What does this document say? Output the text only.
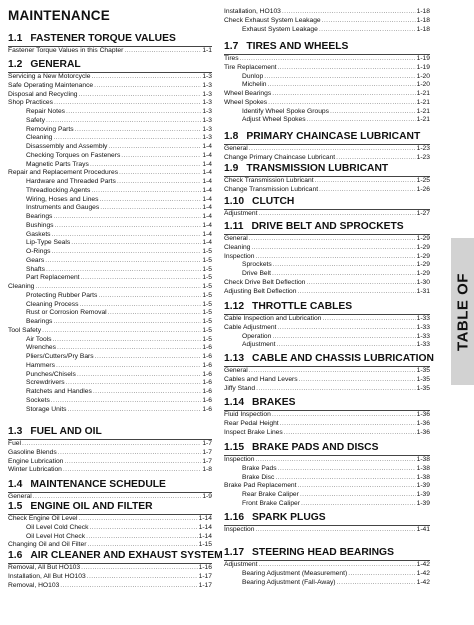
MAINTENANCE
1.1 FASTENER TORQUE VALUES
Fastener Torque Values in this Chapter .....	1-1
1.2 GENERAL
Servicing a New Motorcycle .....	1-3
Safe Operating Maintenance .....	1-3
Disposal and Recycling .....	1-3
Shop Practices .....	1-3
Repair Notes .....	1-3
Safety .....	1-3
Removing Parts .....	1-3
Cleaning .....	1-3
Disassembly and Assembly .....	1-4
Checking Torques on Fasteners .....	1-4
Magnetic Parts Trays .....	1-4
Repair and Replacement Procedures .....	1-4
Hardware and Threaded Parts .....	1-4
Threadlocking Agents .....	1-4
Wiring, Hoses and Lines .....	1-4
Instruments and Gauges .....	1-4
Bearings .....	1-4
Bushings .....	1-4
Gaskets .....	1-4
Lip-Type Seals .....	1-4
O-Rings .....	1-5
Gears .....	1-5
Shafts .....	1-5
Part Replacement .....	1-5
Cleaning .....	1-5
Protecting Rubber Parts .....	1-5
Cleaning Process .....	1-5
Rust or Corrosion Removal .....	1-5
Bearings .....	1-5
Tool Safety .....	1-5
Air Tools .....	1-5
Wrenches .....	1-6
Pliers/Cutters/Pry Bars .....	1-6
Hammers .....	1-6
Punches/Chisels .....	1-6
Screwdrivers .....	1-6
Ratchets and Handles .....	1-6
Sockets .....	1-6
Storage Units .....	1-6
1.3 FUEL AND OIL
Fuel .....	1-7
Gasoline Blends .....	1-7
Engine Lubrication .....	1-7
Winter Lubrication .....	1-8
1.4 MAINTENANCE SCHEDULE
General .....	1-9
1.5 ENGINE OIL AND FILTER
Check Engine Oil Level .....	1-14
Oil Level Cold Check .....	1-14
Oil Level Hot Check .....	1-14
Changing Oil and Oil Filter .....	1-15
1.6 AIR CLEANER AND EXHAUST SYSTEM
Removal, All But HO103 .....	1-16
Installation, All But HO103 .....	1-17
Removal, HO103 .....	1-17
Installation, HO103 .....	1-18
Check Exhaust System Leakage .....	1-18
Exhaust System Leakage .....	1-18
1.7 TIRES AND WHEELS
Tires .....	1-19
Tire Replacement .....	1-19
Dunlop .....	1-20
Michelin .....	1-20
Wheel Bearings .....	1-21
Wheel Spokes .....	1-21
Identify Wheel Spoke Groups .....	1-21
Adjust Wheel Spokes .....	1-21
1.8 PRIMARY CHAINCASE LUBRICANT
General .....	1-23
Change Primary Chaincase Lubricant .....	1-23
1.9 TRANSMISSION LUBRICANT
Check Transmission Lubricant .....	1-25
Change Transmission Lubricant .....	1-26
1.10 CLUTCH
Adjustment .....	1-27
1.11 DRIVE BELT AND SPROCKETS
General .....	1-29
Cleaning .....	1-29
Inspection .....	1-29
Sprockets .....	1-29
Drive Belt .....	1-29
Check Drive Belt Deflection .....	1-30
Adjusting Belt Deflection .....	1-31
1.12 THROTTLE CABLES
Cable Inspection and Lubrication .....	1-33
Cable Adjustment .....	1-33
Operation .....	1-33
Adjustment .....	1-33
1.13 CABLE AND CHASSIS LUBRICATION
General .....	1-35
Cables and Hand Levers .....	1-35
Jiffy Stand .....	1-35
1.14 BRAKES
Fluid Inspection .....	1-36
Rear Pedal Height .....	1-36
Inspect Brake Lines .....	1-36
1.15 BRAKE PADS AND DISCS
Inspection .....	1-38
Brake Pads .....	1-38
Brake Disc .....	1-38
Brake Pad Replacement .....	1-39
Rear Brake Caliper .....	1-39
Front Brake Caliper .....	1-39
1.16 SPARK PLUGS
Inspection .....	1-41
1.17 STEERING HEAD BEARINGS
Adjustment .....	1-42
Bearing Adjustment (Measurement) .....	1-42
Bearing Adjustment (Fall-Away) .....	1-42
TABLE OF
